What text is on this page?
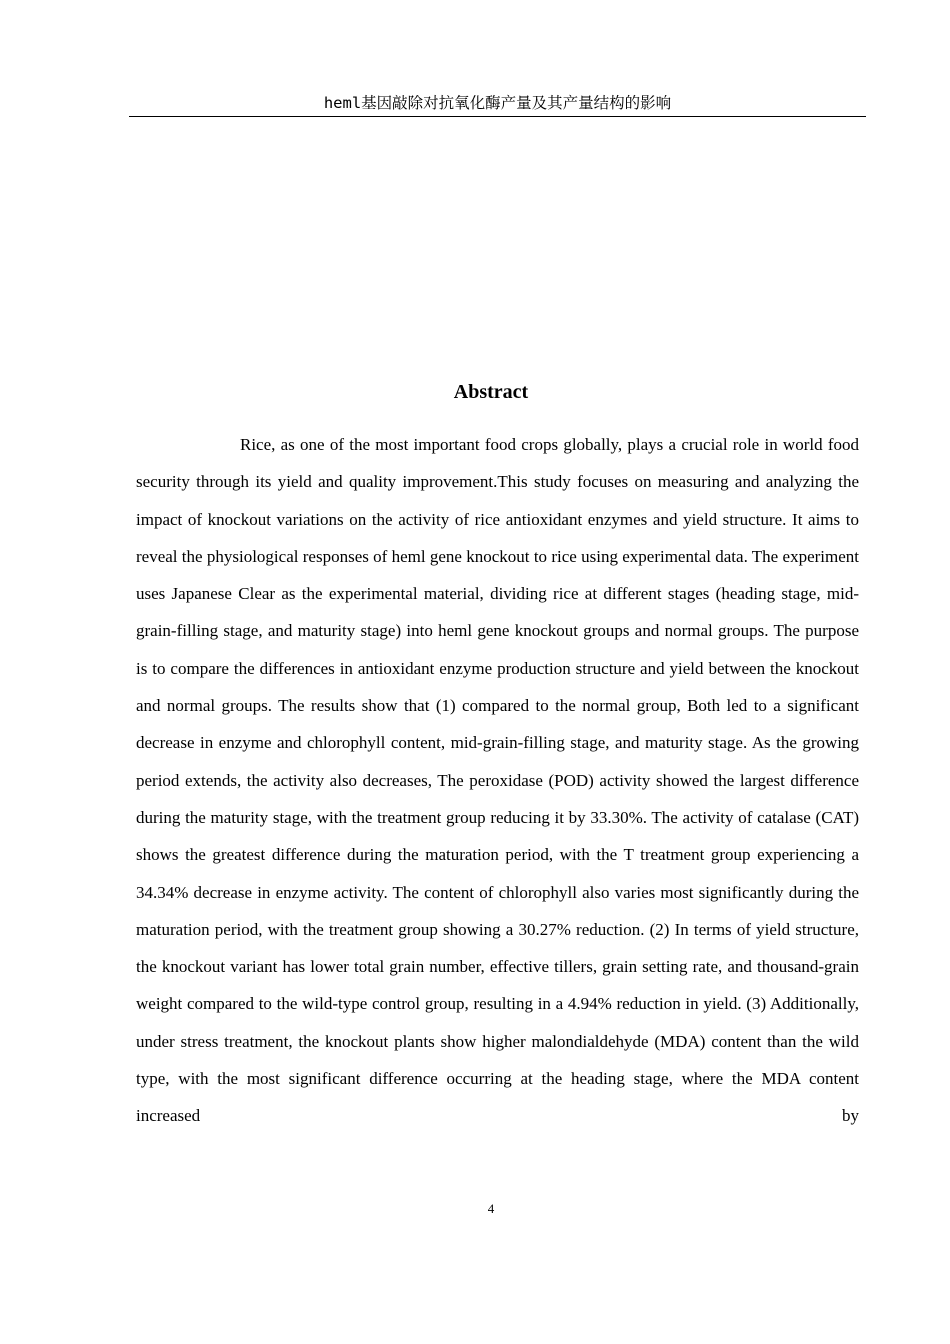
heml基因敲除对抗氧化酶产量及其产量结构的影响
Abstract

Rice, as one of the most important food crops globally, plays a crucial role in world food security through its yield and quality improvement.This study focuses on measuring and analyzing the impact of knockout variations on the activity of rice antioxidant enzymes and yield structure. It aims to reveal the physiological responses of heml gene knockout to rice using experimental data. The experiment uses Japanese Clear as the experimental material, dividing rice at different stages (heading stage, mid-grain-filling stage, and maturity stage) into heml gene knockout groups and normal groups. The purpose is to compare the differences in antioxidant enzyme production structure and yield between the knockout and normal groups. The results show that (1) compared to the normal group, Both led to a significant decrease in enzyme and chlorophyll content, mid-grain-filling stage, and maturity stage. As the growing period extends, the activity also decreases, The peroxidase (POD) activity showed the largest difference during the maturity stage, with the treatment group reducing it by 33.30%. The activity of catalase (CAT) shows the greatest difference during the maturation period, with the T treatment group experiencing a 34.34% decrease in enzyme activity. The content of chlorophyll also varies most significantly during the maturation period, with the treatment group showing a 30.27% reduction. (2) In terms of yield structure, the knockout variant has lower total grain number, effective tillers, grain setting rate, and thousand-grain weight compared to the wild-type control group, resulting in a 4.94% reduction in yield. (3) Additionally, under stress treatment, the knockout plants show higher malondialdehyde (MDA) content than the wild type, with the most significant difference occurring at the heading stage, where the MDA content increased by

4
